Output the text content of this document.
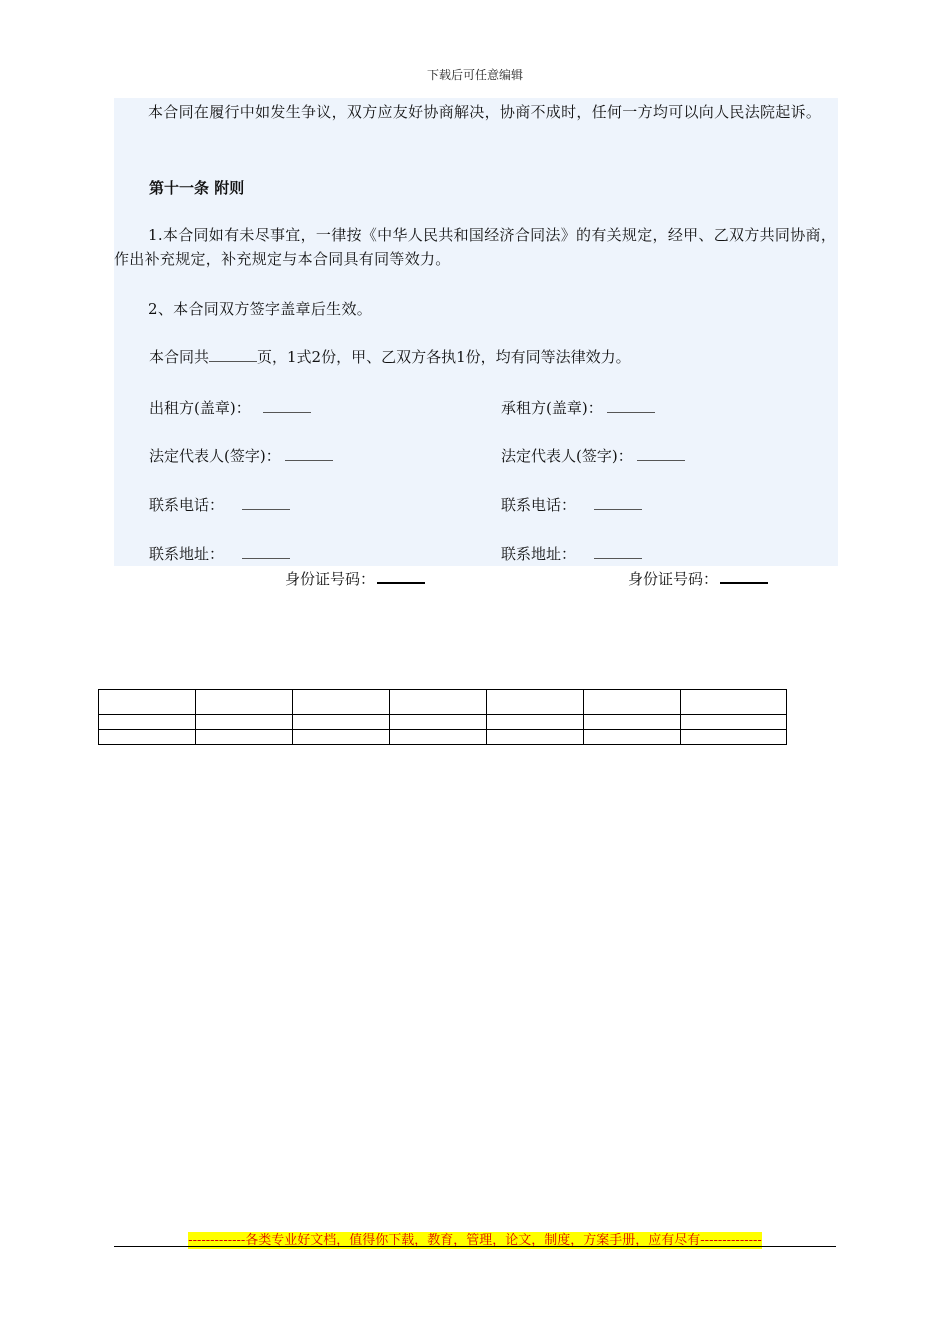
下载后可任意编辑
本合同在履行中如发生争议，双方应友好协商解决，协商不成时，任何一方均可以向人民法院起诉。
第十一条 附则
1.本合同如有未尽事宜，一律按《中华人民共和国经济合同法》的有关规定，经甲、乙双方共同协商，作出补充规定，补充规定与本合同具有同等效力。
2、本合同双方签字盖章后生效。
本合同共	页，1式2份，甲、乙双方各执1份，均有同等法律效力。
出租方(盖章)：	承租方(盖章)：
法定代表人(签字)：	法定代表人(签字)：
联系电话：	联系电话：
联系地址：	联系地址：
身份证号码：	身份证号码：

-------------各类专业好文档，值得你下载，教育，管理，论文，制度，方案手册，应有尽有--------------
